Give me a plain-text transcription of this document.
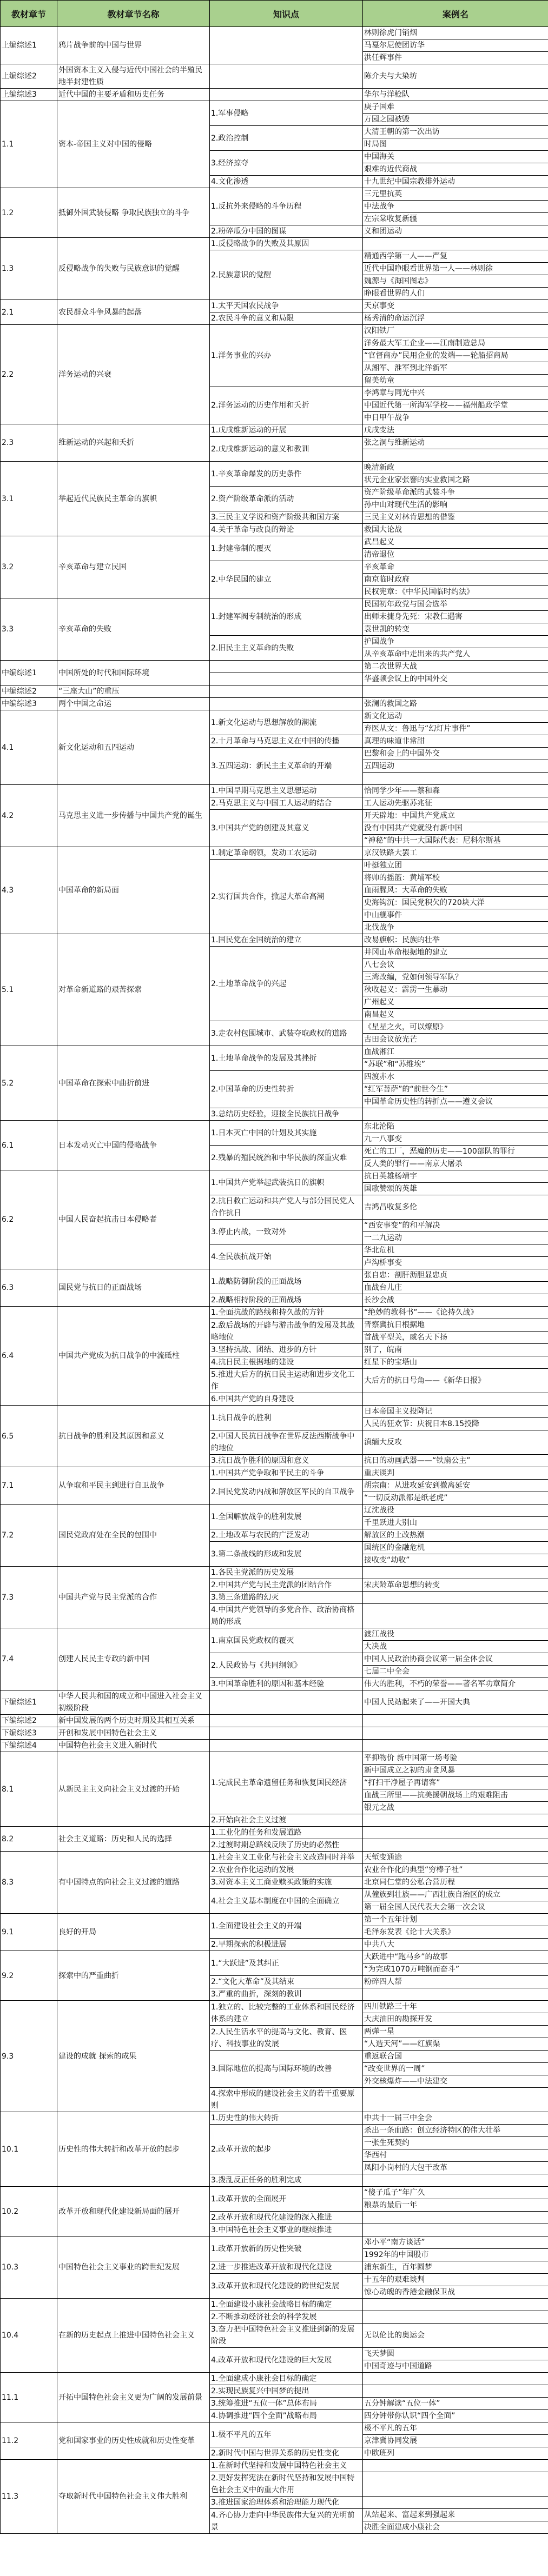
教材章节	教材章节名称	知识点	案例名
上编综述1	鸦片战争前的中国与世界		林则徐虎门销烟
			马戛尔尼使团访华
			洪任辉事件
上编综述2	外国资本主义入侵与近代中国社会的半殖民地半封建性质		陈介夫与大染坊
上编综述3	近代中国的主要矛盾和历史任务		华尔与洋枪队
1.1	资本-帝国主义对中国的侵略	1.军事侵略	庚子国难
			万园之园被毁
		2.政治控制	大清王朝的第一次出访
			时局图
		3.经济掠夺	中国海关
			艰难的近代商战
		4.文化渗透	十九世纪中国宗教排外运动
1.2	抵御外国武装侵略 争取民族独立的斗争	1.反抗外来侵略的斗争历程	三元里抗英
			中法战争
			左宗棠收复新疆
		2.粉碎瓜分中国的图谋	义和团运动
1.3	反侵略战争的失败与民族意识的觉醒	1.反侵略战争的失败及其原因	
		2.民族意识的觉醒	精通西学第一人——严复
			近代中国睁眼看世界第一人——林则徐
			魏源与《海国图志》
			睁眼看世界的人们
2.1	农民群众斗争风暴的起落	1.太平天国农民战争	天京事变
		2.农民斗争的意义和局限	杨秀清的命运沉浮
2.2	洋务运动的兴衰	1.洋务事业的兴办	汉阳铁厂
			洋务最大军工企业——江南制造总局
			“官督商办”民用企业的发端——轮船招商局
			从湘军、淮军到北洋新军
			留美幼童
		2.洋务运动的历史作用和夭折	李鸿章与同光中兴
			中国近代第一所海军学校——福州船政学堂
			中日甲午战争
2.3	维新运动的兴起和夭折	1.戊戌维新运动的开展	戊戌变法
		2.戊戌维新运动的意义和教训	张之洞与维新运动

3.1	举起近代民族民主革命的旗帜	1.辛亥革命爆发的历史条件	晚清新政
			状元企业家张謇的实业救国之路
		2.资产阶级革命派的活动	资产阶级革命派的武装斗争
			孙中山对现代生活的影响
		3.三民主义学说和资产阶级共和国方案	三民主义对林肯思想的借鉴
		4.关于革命与改良的辩论	救国大论战
3.2	辛亥革命与建立民国	1.封建帝制的覆灭	武昌起义
			清帝退位
		2.中华民国的建立	辛亥革命
			南京临时政府
			民权宪章：《中华民国临时约法》
3.3	辛亥革命的失败	1.封建军阀专制统治的形成	民国初年政党与国会选举
			出师未捷身先死：宋教仁遇害
			袁世凯的转变
		2.旧民主主义革命的失败	护国战争
			从辛亥革命中走出来的共产党人
中编综述1	中国所处的时代和国际环境		第二次世界大战
			华盛顿会议上的中国外交
中编综述2	“三座大山”的重压		
中编综述3	两个中国之命运		张澜的救国之路
4.1	新文化运动和五四运动	1.新文化运动与思想解放的潮流	新文化运动
			弃医从文：鲁迅与“幻灯片事件”
		2.十月革命与马克思主义在中国的传播	真理的味道非常甜
		3.五四运动：新民主主义革命的开端	巴黎和会上的中国外交
			五四运动

4.2	马克思主义进一步传播与中国共产党的诞生	1.中国早期马克思主义思想运动	恰同学少年——蔡和森
		2.马克思主义与中国工人运动的结合	工人运动先驱苏兆征
		3.中国共产党的创建及其意义	开天辟地：中国共产党成立
			没有中国共产党就没有新中国
			“神秘”的中共一大国际代表：尼科尔斯基
4.3	中国革命的新局面	1.制定革命纲领，发动工农运动	京汉铁路大罢工
		2.实行国共合作，掀起大革命高潮	叶挺独立团
			将帅的摇篮：黄埔军校
			血雨腥风：大革命的失败
			史海钩沉：国民党积欠的720块大洋
			中山舰事件
			北伐战争
5.1	对革命新道路的艰苦探索	1.国民党在全国统治的建立	改易旗帜：民族的壮举
		2.土地革命战争的兴起	井冈山革命根据地的建立
			八七会议
			三湾改编，党如何领导军队？
			秋收起义：霹雳一生暴动
			广州起义
			南昌起义
		3.走农村包围城市、武装夺取政权的道路	《星星之火，可以燎原》
			古田会议放光芒
5.2	中国革命在探索中曲折前进	1.土地革命战争的发展及其挫折	血战湘江
			“苏联”和“苏维埃”
		2.中国革命的历史性转折	四渡赤水
			“红军菩萨”的“前世今生”
			中国革命历史性的转折点——遵义会议
		3.总结历史经验，迎接全民族抗日战争	
6.1	日本发动灭亡中国的侵略战争	1.日本灭亡中国的计划及其实施	东北沦陷
			九一八事变
		2.残暴的殖民统治和中华民族的深重灾难	死亡的工厂，恶魔的历史——100部队的罪行
			反人类的罪行——南京大屠杀
6.2	中国人民奋起抗击日本侵略者	1.中国共产党举起武装抗日的旗帜	抗日英雄杨靖宇
			国歌赞颂的英雄
		2.抗日救亡运动和共产党人与部分国民党人合作抗日	吉鸿昌收复多伦
		3.停止内战，一致对外	“西安事变”的和平解决
			一二九运动
		4.全民族抗战开始	华北危机
			卢沟桥事变
6.3	国民党与抗日的正面战场	1.战略防御阶段的正面战场	张自忠：剖肝沥胆显忠贞
			血战台儿庄
		2.战略相持阶段的正面战场	长沙会战
6.4	中国共产党成为抗日战争的中流砥柱	1.全面抗战的路线和持久战的方针	“绝妙的教科书”——《论持久战》
		2.敌后战场的开辟与游击战争的发展及其战略地位	晋察冀抗日根据地
			首战平型关，威名天下扬
		3.坚持抗战、团结、进步的方针	别了，皖南
		4.抗日民主根据地的建设	红星下的宝塔山
		5.推进大后方的抗日民主运动和进步文化工作	大后方的抗日号角——《新华日报》
		6.中国共产党的自身建设	
6.5	抗日战争的胜利及其原因和意义	1.抗日战争的胜利	日本帝国主义投降记
			人民的狂欢节：庆祝日本8.15投降
		2.中国人民抗日战争在世界反法西斯战争中的地位	滇缅大反攻
		3.抗日战争胜利的原因和意义	抗日的动画武器——“铁扇公主”
7.1	从争取和平民主到进行自卫战争	1.中国共产党争取和平民主的斗争	重庆谈判
		2.国民党发动内战和解放区军民的自卫战争	胡宗南：从进攻延安到撤离延安
			“一切反动派都是纸老虎”
7.2	国民党政府处在全民的包围中	1.全国解放战争的胜利发展	辽沈战役
			千里跃进大别山
		2.土地改革与农民的广泛发动	解放区的土改热潮
		3.第二条战线的形成和发展	国统区的金融危机
			接收变“劫收”
7.3	中国共产党与民主党派的合作	1.各民主党派的历史发展	
		2.中国共产党与民主党派的团结合作	宋庆龄革命思想的转变
		3.第三条道路的幻灭	
		4.中国共产党领导的多党合作、政治协商格局的形成	
7.4	创建人民民主专政的新中国	1.南京国民党政权的覆灭	渡江战役
			大决战
		2.人民政协与《共同纲领》	中国人民政治协商会议第一届全体会议
			七届二中全会
		3.中国革命胜利的原因和基本经验	伟大的胜利，不朽的荣誉——著名军功章简介
下编综述1	中华人民共和国的成立和中国进入社会主义初级阶段		中国人民站起来了——开国大典
下编综述2	新中国发展的两个历史时期及其相互关系		
下编综述3	开创和发展中国特色社会主义		
下编综述4	中国特色社会主义进入新时代		
8.1	从新民主主义向社会主义过渡的开始	1.完成民主革命遗留任务和恢复国民经济	平抑物价 新中国第一场考验
			新中国成立之初的肃贪风暴
			“打扫干净屋子再请客”
			血战三所里——抗美援朝战场上的艰难阻击
			银元之战
		2.开始向社会主义过渡	
8.2	社会主义道路：历史和人民的选择	1.工业化的任务和发展道路	
		2.过渡时期总路线反映了历史的必然性	
8.3	有中国特点的向社会主义过渡的道路	1.社会主义工业化与社会主义改造同时并举	天堑变通途
		2.农业合作化运动的发展	农业合作化的典型“穷棒子社”
		3.对资本主义工商业赎买政策的实施	北京同仁堂的公私合营历程
		4.社会主义基本制度在中国的全面确立	从僮族到壮族——广西壮族自治区的成立
			第一届全国人民代表大会第一次会议
9.1	良好的开局	1.全面建设社会主义的开端	第一个五年计划
			毛泽东发表《论十大关系》
		2.早期探索的积极进展	中共八大
9.2	探索中的严重曲折	1.“大跃进”及其纠正	大跃进中“跑马乡”的故事
			“为完成1070万吨钢而奋斗”
		2.“文化大革命”及其结束	粉碎四人帮
		3.严重的曲折，深刻的教训	
9.3	建设的成就 探索的成果	1.独立的、比较完整的工业体系和国民经济体系的建立	四川铁路三十年
			大庆油田的勘探开发
		2.人民生活水平的提高与文化、教育、医疗、科技事业的发展	两弹一星
			“人造天河”——红旗渠
		3.国际地位的提高与国际环境的改善	重返联合国
			“改变世界的一周”
			外交核爆炸——中法建交
		4.探索中形成的建设社会主义的若干重要原则	
10.1	历史性的伟大转折和改革开放的起步	1.历史性的伟大转折	中共十一届三中全会
		2.改革开放的起步	杀出一条血路：创立经济特区的伟大壮举
			一张生死契约
			华西村
			凤阳小岗村的大包干改革
		3.拨乱反正任务的胜利完成	
10.2	改革开放和现代化建设新局面的展开	1.改革开放的全面展开	“傻子瓜子”年广久
			粮票的最后一年
		2.改革开放和现代化建设的深入推进	
		3.中国特色社会主义事业的继续推进	
10.3	中国特色社会主义事业的跨世纪发展	1.改革开放新的历史性突破	邓小平“南方谈话”
			1992年的中国股市
		2.进一步推进改革开放和现代化建设	浦东新生，百年圆梦
		3.改革开放和现代化建设的跨世纪发展	十五年的艰难谈判
			惊心动魄的香港金融保卫战
10.4	在新的历史起点上推进中国特色社会主义	1.全面建设小康社会战略目标的确定	
		2.不断推动经济社会的科学发展	
		3.奋力把中国特色社会主义推进到新的发展阶段	无以伦比的奥运会
		4.改革开放和现代化建设的巨大发展	飞天梦圆
			中国奇迹与中国道路
11.1	开拓中国特色社会主义更为广阔的发展前景	1.全面建成小康社会目标的确定	
		2.实现民族复兴中国梦的提出	
		3.统筹推进“五位一体”总体布局	五分钟解读“五位一体”
		4.协调推进“四个全面”战略布局	四分钟带你认识“四个全面”
11.2	党和国家事业的历史性成就和历史性变革	1.极不平凡的五年	极不平凡的五年
			京津冀协同发展
		2.新时代中国与世界关系的历史性变化	中欧班列
11.3	夺取新时代中国特色社会主义伟大胜利	1.在新时代坚持和发展中国特色社会主义	
		2.更好发挥宪法在新时代坚持和发展中国特色社会主义中的重大作用	
		3.推进国家治理体系和治理能力现代化	
		4.齐心协力走向中华民族伟大复兴的光明前景	从站起来、富起来到强起来
			决胜全面建成小康社会
